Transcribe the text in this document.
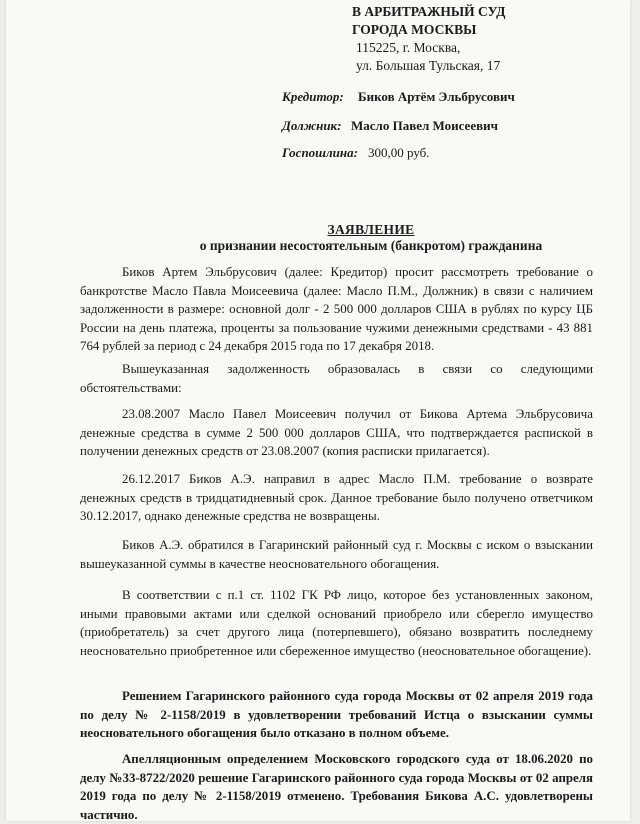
В АРБИТРАЖНЫЙ СУД
ГОРОДА МОСКВЫ
115225, г. Москва,
ул. Большая Тульская, 17
Кредитор: Биков Артём Эльбрусович
Должник: Масло Павел Моисеевич
Госпошлина: 300,00 руб.
ЗАЯВЛЕНИЕ
о признании несостоятельным (банкротом) гражданина
Биков Артем Эльбрусович (далее: Кредитор) просит рассмотреть требование о банкротстве Масло Павла Моисеевича (далее: Масло П.М., Должник) в связи с наличием задолженности в размере: основной долг - 2 500 000 долларов США в рублях по курсу ЦБ России на день платежа, проценты за пользование чужими денежными средствами - 43 881 764 рублей за период с 24 декабря 2015 года по 17 декабря 2018.
Вышеуказанная задолженность образовалась в связи со следующими обстоятельствами:
23.08.2007 Масло Павел Моисеевич получил от Бикова Артема Эльбрусовича денежные средства в сумме 2 500 000 долларов США, что подтверждается распиской в получении денежных средств от 23.08.2007 (копия расписки прилагается).
26.12.2017 Биков А.Э. направил в адрес Масло П.М. требование о возврате денежных средств в тридцатидневный срок. Данное требование было получено ответчиком 30.12.2017, однако денежные средства не возвращены.
Биков А.Э. обратился в Гагаринский районный суд г. Москвы с иском о взыскании вышеуказанной суммы в качестве неосновательного обогащения.
В соответствии с п.1 ст. 1102 ГК РФ лицо, которое без установленных законом, иными правовыми актами или сделкой оснований приобрело или сберегло имущество (приобретатель) за счет другого лица (потерпевшего), обязано возвратить последнему неосновательно приобретенное или сбереженное имущество (неосновательное обогащение).
Решением Гагаринского районного суда города Москвы от 02 апреля 2019 года по делу № 2-1158/2019 в удовлетворении требований Истца о взыскании суммы неосновательного обогащения было отказано в полном объеме.
Апелляционным определением Московского городского суда от 18.06.2020 по делу №33-8722/2020 решение Гагаринского районного суда города Москвы от 02 апреля 2019 года по делу № 2-1158/2019 отменено. Требования Бикова А.С. удовлетворены частично.
